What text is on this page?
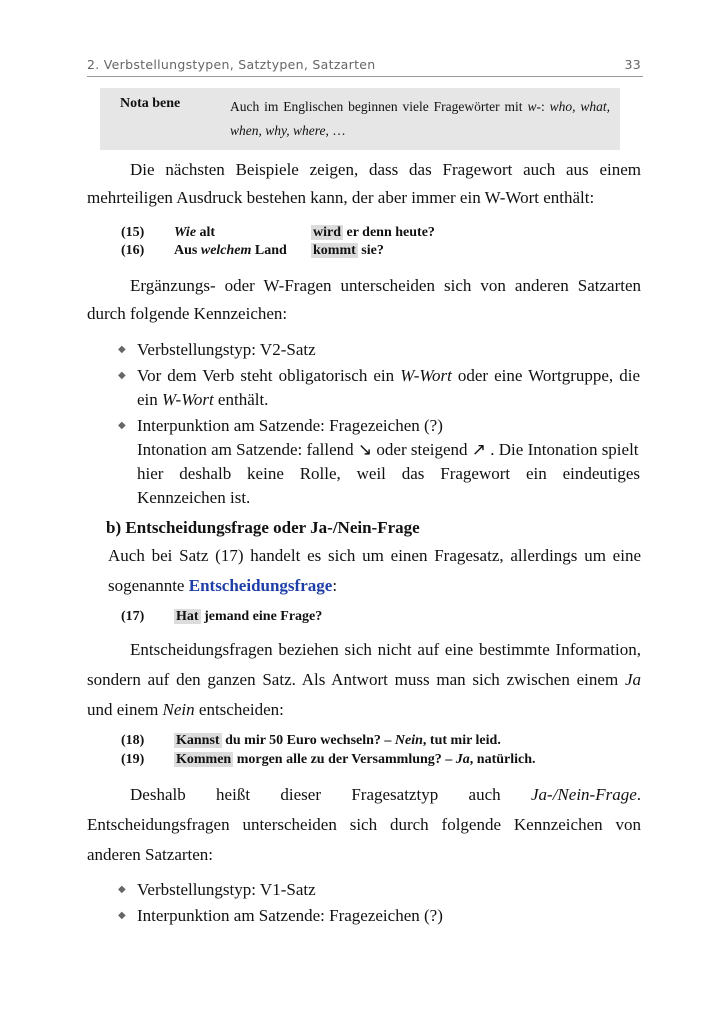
2. Verbstellungstypen, Satztypen, Satzarten	33
Nota bene	Auch im Englischen beginnen viele Fragewörter mit w-: who, what, when, why, where, …

Die nächsten Beispiele zeigen, dass das Fragewort auch aus einem

mehrteiligen Ausdruck bestehen kann, der aber immer ein W-Wort enthält:

(15) Wie alt	wird er denn heute?
(16) Aus welchem Land kommt sie?

Ergänzungs- oder W-Fragen unterscheiden sich von anderen Satzarten

durch folgende Kennzeichen:

◆ Verbstellungstyp: V2-Satz
◆ Vor dem Verb steht obligatorisch ein W-Wort oder eine Wortgruppe, die
ein W-Wort enthält.
◆ Interpunktion am Satzende: Fragezeichen (?)
Intonation am Satzende: fallend ↘ oder steigend ↗ . Die Intonation spielt
hier deshalb keine Rolle, weil das Fragewort ein eindeutiges
Kennzeichen ist.
b) Entscheidungsfrage oder Ja-/Nein-Frage

Auch bei Satz (17) handelt es sich um einen Fragesatz, allerdings um eine

sogenannte Entscheidungsfrage:

(17) Hat jemand eine Frage?

Entscheidungsfragen beziehen sich nicht auf eine bestimmte Information,

sondern auf den ganzen Satz. Als Antwort muss man sich zwischen einem Ja

und einem Nein entscheiden:

(18) Kannst du mir 50 Euro wechseln? – Nein, tut mir leid.
(19) Kommen morgen alle zu der Versammlung? – Ja, natürlich.

Deshalb heißt dieser Fragesatztyp auch Ja-/Nein-Frage.

Entscheidungsfragen unterscheiden sich durch folgende Kennzeichen von

anderen Satzarten:

◆ Verbstellungstyp: V1-Satz
◆ Interpunktion am Satzende: Fragezeichen (?)
